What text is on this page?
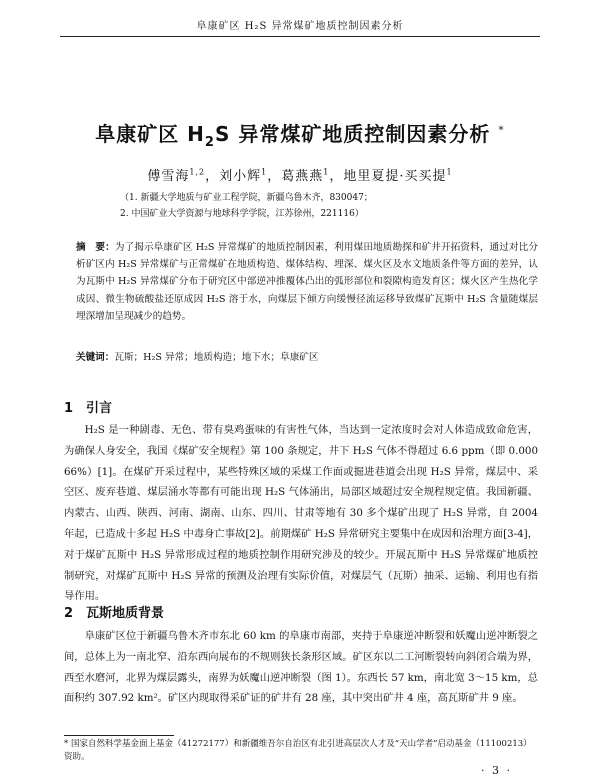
阜康矿区 H₂S 异常煤矿地质控制因素分析
阜康矿区 $H_2S$ 异常煤矿地质控制因素分析 *
傅雪海$^{1,2}$，刘小辉$^1$，葛燕燕$^1$，地里夏提·买买提$^1$
（1. 新疆大学地质与矿业工程学院，新疆乌鲁木齐，830047；
2. 中国矿业大学资源与地球科学学院，江苏徐州，221116）
摘　要：为了揭示阜康矿区 H₂S 异常煤矿的地质控制因素，利用煤田地质勘探和矿井开拓资料，通过对比分析矿区内 H₂S 异常煤矿与正常煤矿在地质构造、煤体结构、埋深、煤火区及水文地质条件等方面的差异，认为瓦斯中 H₂S 异常煤矿分布于研究区中部逆冲推覆体凸出的弧形部位和裂隙构造发育区；煤火区产生热化学成因、微生物硫酸盐还原成因 H₂S 溶于水，向煤层下倾方向缓慢径流运移导致煤矿瓦斯中 H₂S 含量随煤层埋深增加呈现减少的趋势。
关键词：瓦斯；H₂S 异常；地质构造；地下水；阜康矿区
1 引言
H₂S 是一种剧毒、无色、带有臭鸡蛋味的有害性气体，当达到一定浓度时会对人体造成致命危害，为确保人身安全，我国《煤矿安全规程》第 100 条规定，井下 H₂S 气体不得超过 6.6 ppm（即 0.000 66%）[1]。在煤矿开采过程中，某些特殊区域的采煤工作面或掘进巷道会出现 H₂S 异常，煤层中、采空区、废弃巷道、煤层涌水等都有可能出现 H₂S 气体涌出，局部区域超过安全规程规定值。我国新疆、内蒙古、山西、陕西、河南、湖南、山东、四川、甘肃等地有 30 多个煤矿出现了 H₂S 异常，自 2004 年起，已造成十多起 H₂S 中毒身亡事故[2]。前期煤矿 H₂S 异常研究主要集中在成因和治理方面[3-4]，对于煤矿瓦斯中 H₂S 异常形成过程的地质控制作用研究涉及的较少。开展瓦斯中 H₂S 异常煤矿地质控制研究，对煤矿瓦斯中 H₂S 异常的预测及治理有实际价值，对煤层气（瓦斯）抽采、运输、利用也有指导作用。
2 瓦斯地质背景
阜康矿区位于新疆乌鲁木齐市东北 60 km 的阜康市南部，夹持于阜康逆冲断裂和妖魔山逆冲断裂之间，总体上为一南北窄、沿东西向展布的不规则狭长条形区域。矿区东以二工河断裂转向斜闭合端为界，西至水磨河，北界为煤层露头，南界为妖魔山逆冲断裂（图 1）。东西长 57 km，南北宽 3～15 km，总面积约 307.92 km²。矿区内现取得采矿证的矿井有 28 座，其中突出矿井 4 座，高瓦斯矿井 9 座。
* 国家自然科学基金面上基金（41272177）和新疆维吾尔自治区有北引进高层次人才及“天山学者”启动基金（11100213）资助。
· 3 ·
